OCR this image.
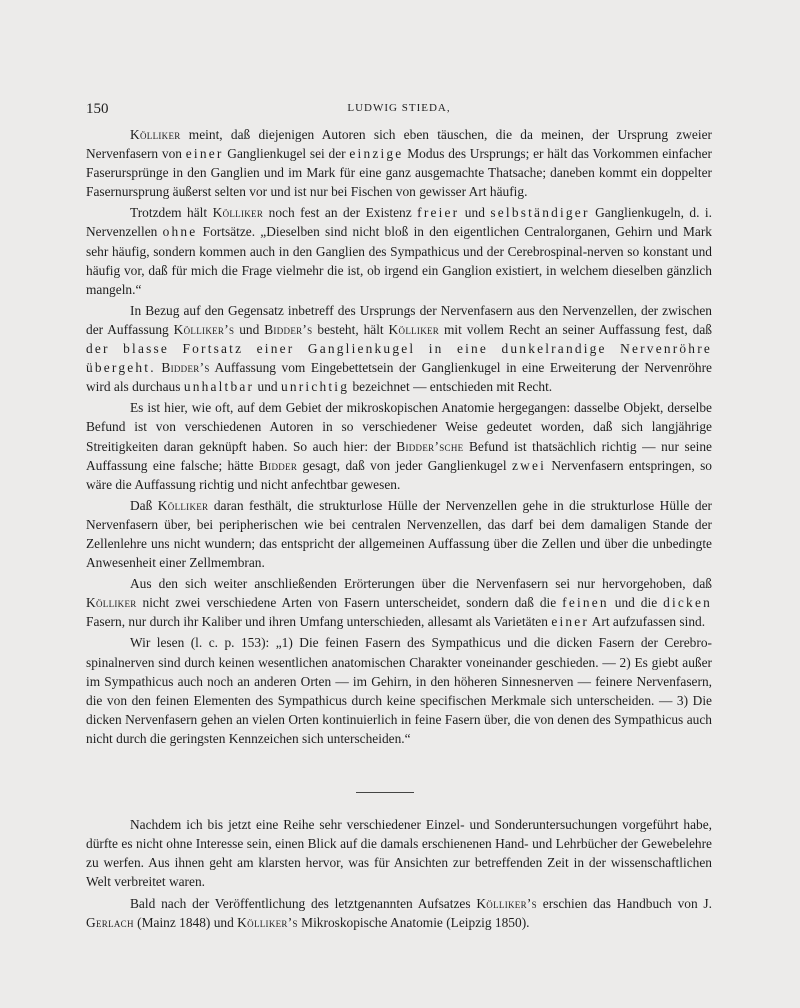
150	LUDWIG STIEDA,

Kölliker meint, daß diejenigen Autoren sich eben täuschen, die da meinen, der Ursprung zweier Nervenfasern von einer Ganglienkugel sei der einzige Modus des Ursprungs; er hält das Vorkommen einfacher Faserursprünge in den Ganglien und im Mark für eine ganz ausgemachte Thatsache; daneben kommt ein doppelter Fasernursprung äußerst selten vor und ist nur bei Fischen von gewisser Art häufig.

Trotzdem hält Kölliker noch fest an der Existenz freier und selbständiger Ganglienkugeln, d. i. Nervenzellen ohne Fortsätze. „Dieselben sind nicht bloß in den eigentlichen Centralorganen, Gehirn und Mark sehr häufig, sondern kommen auch in den Ganglien des Sympathicus und der Cerebrospinal-nerven so konstant und häufig vor, daß für mich die Frage vielmehr die ist, ob irgend ein Ganglion existiert, in welchem dieselben gänzlich mangeln.“

In Bezug auf den Gegensatz inbetreff des Ursprungs der Nervenfasern aus den Nervenzellen, der zwischen der Auffassung Kölliker’s und Bidder’s besteht, hält Kölliker mit vollem Recht an seiner Auffassung fest, daß der blasse Fortsatz einer Ganglienkugel in eine dunkelrandige Nervenröhre übergeht. Bidder’s Auffassung vom Eingebettetsein der Ganglienkugel in eine Erweiterung der Nervenröhre wird als durchaus unhaltbar und unrichtig bezeichnet — entschieden mit Recht.

Es ist hier, wie oft, auf dem Gebiet der mikroskopischen Anatomie hergegangen: dasselbe Objekt, derselbe Befund ist von verschiedenen Autoren in so verschiedener Weise gedeutet worden, daß sich langjährige Streitigkeiten daran geknüpft haben. So auch hier: der Bidder’sche Befund ist thatsächlich richtig — nur seine Auffassung eine falsche; hätte Bidder gesagt, daß von jeder Ganglienkugel zwei Nervenfasern entspringen, so wäre die Auffassung richtig und nicht anfechtbar gewesen.

Daß Kölliker daran festhält, die strukturlose Hülle der Nervenzellen gehe in die strukturlose Hülle der Nervenfasern über, bei peripherischen wie bei centralen Nervenzellen, das darf bei dem damaligen Stande der Zellenlehre uns nicht wundern; das entspricht der allgemeinen Auffassung über die Zellen und über die unbedingte Anwesenheit einer Zellmembran.

Aus den sich weiter anschließenden Erörterungen über die Nervenfasern sei nur hervorgehoben, daß Kölliker nicht zwei verschiedene Arten von Fasern unterscheidet, sondern daß die feinen und die dicken Fasern, nur durch ihr Kaliber und ihren Umfang unterschieden, allesamt als Varietäten einer Art aufzufassen sind.

Wir lesen (l. c. p. 153): „1) Die feinen Fasern des Sympathicus und die dicken Fasern der Cerebro-spinalnerven sind durch keinen wesentlichen anatomischen Charakter voneinander geschieden. — 2) Es giebt außer im Sympathicus auch noch an anderen Orten — im Gehirn, in den höheren Sinnesnerven — feinere Nervenfasern, die von den feinen Elementen des Sympathicus durch keine specifischen Merkmale sich unterscheiden. — 3) Die dicken Nervenfasern gehen an vielen Orten kontinuierlich in feine Fasern über, die von denen des Sympathicus auch nicht durch die geringsten Kennzeichen sich unterscheiden.“

Nachdem ich bis jetzt eine Reihe sehr verschiedener Einzel- und Sonderuntersuchungen vorgeführt habe, dürfte es nicht ohne Interesse sein, einen Blick auf die damals erschienenen Hand- und Lehrbücher der Gewebelehre zu werfen. Aus ihnen geht am klarsten hervor, was für Ansichten zur betreffenden Zeit in der wissenschaftlichen Welt verbreitet waren.

Bald nach der Veröffentlichung des letztgenannten Aufsatzes Kölliker’s erschien das Handbuch von J. Gerlach (Mainz 1848) und Kölliker’s Mikroskopische Anatomie (Leipzig 1850).
